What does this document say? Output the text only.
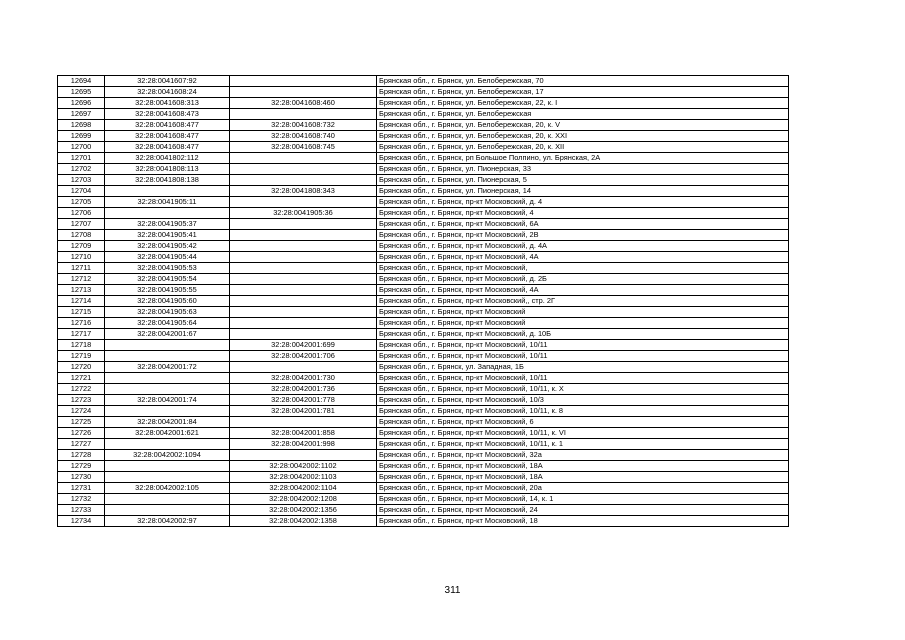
12694	32:28:0041607:92		Брянская обл., г. Брянск, ул. Белобережская, 70
12695	32:28:0041608:24		Брянская обл., г. Брянск, ул. Белобережская, 17
12696	32:28:0041608:313	32:28:0041608:460	Брянская обл., г. Брянск, ул. Белобережская, 22, к. I
12697	32:28:0041608:473		Брянская обл., г. Брянск, ул. Белобережская
12698	32:28:0041608:477	32:28:0041608:732	Брянская обл., г. Брянск, ул. Белобережская, 20, к. V
12699	32:28:0041608:477	32:28:0041608:740	Брянская обл., г. Брянск, ул. Белобережская, 20, к. XXI
12700	32:28:0041608:477	32:28:0041608:745	Брянская обл., г. Брянск, ул. Белобережская, 20, к. XII
12701	32:28:0041802:112		Брянская обл., г. Брянск, рп Большое Полпино, ул. Брянская, 2А
12702	32:28:0041808:113		Брянская обл., г. Брянск, ул. Пионерская, 33
12703	32:28:0041808:138		Брянская обл., г. Брянск, ул. Пионерская, 5
12704		32:28:0041808:343	Брянская обл., г. Брянск, ул. Пионерская, 14
12705	32:28:0041905:11		Брянская обл., г. Брянск, пр-кт Московский, д. 4
12706		32:28:0041905:36	Брянская обл., г. Брянск, пр-кт Московский, 4
12707	32:28:0041905:37		Брянская обл., г. Брянск, пр-кт Московский, 6А
12708	32:28:0041905:41		Брянская обл., г. Брянск, пр-кт Московский, 2В
12709	32:28:0041905:42		Брянская обл., г. Брянск, пр-кт Московский, д. 4А
12710	32:28:0041905:44		Брянская обл., г. Брянск, пр-кт Московский, 4А
12711	32:28:0041905:53		Брянская обл., г. Брянск, пр-кт Московский,
12712	32:28:0041905:54		Брянская обл., г. Брянск, пр-кт Московский, д. 2Б
12713	32:28:0041905:55		Брянская обл., г. Брянск, пр-кт Московский, 4А
12714	32:28:0041905:60		Брянская обл., г. Брянск, пр-кт Московский,, стр. 2Г
12715	32:28:0041905:63		Брянская обл., г. Брянск, пр-кт Московский
12716	32:28:0041905:64		Брянская обл., г. Брянск, пр-кт Московский
12717	32:28:0042001:67		Брянская обл., г. Брянск, пр-кт Московский, д. 10Б
12718		32:28:0042001:699	Брянская обл., г. Брянск, пр-кт Московский, 10/11
12719		32:28:0042001:706	Брянская обл., г. Брянск, пр-кт Московский, 10/11
12720	32:28:0042001:72		Брянская обл., г. Брянск, ул. Западная, 1Б
12721		32:28:0042001:730	Брянская обл., г. Брянск, пр-кт Московский, 10/11
12722		32:28:0042001:736	Брянская обл., г. Брянск, пр-кт Московский, 10/11, к. X
12723	32:28:0042001:74	32:28:0042001:778	Брянская обл., г. Брянск, пр-кт Московский, 10/3
12724		32:28:0042001:781	Брянская обл., г. Брянск, пр-кт Московский, 10/11, к. 8
12725	32:28:0042001:84		Брянская обл., г. Брянск, пр-кт Московский, 6
12726	32:28:0042001:621	32:28:0042001:858	Брянская обл., г. Брянск, пр-кт Московский, 10/11, к. VI
12727		32:28:0042001:998	Брянская обл., г. Брянск, пр-кт Московский, 10/11, к. 1
12728	32:28:0042002:1094		Брянская обл., г. Брянск, пр-кт Московский, 32а
12729		32:28:0042002:1102	Брянская обл., г. Брянск, пр-кт Московский, 18А
12730		32:28:0042002:1103	Брянская обл., г. Брянск, пр-кт Московский, 18А
12731	32:28:0042002:105	32:28:0042002:1104	Брянская обл., г. Брянск, пр-кт Московский, 20а
12732		32:28:0042002:1208	Брянская обл., г. Брянск, пр-кт Московский, 14, к. 1
12733		32:28:0042002:1356	Брянская обл., г. Брянск, пр-кт Московский, 24
12734	32:28:0042002:97	32:28:0042002:1358	Брянская обл., г. Брянск, пр-кт Московский, 18
311
